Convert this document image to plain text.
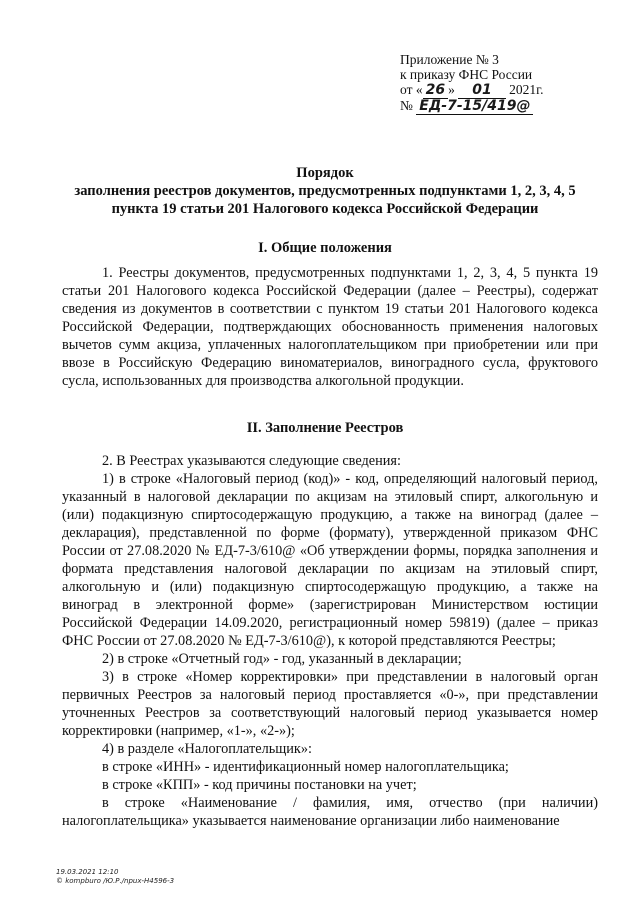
Приложение № 3
к приказу ФНС России
от « 26 » 01 2021г.
№ ЕД-7-15/419@
Порядок
заполнения реестров документов, предусмотренных подпунктами 1, 2, 3, 4, 5
пункта 19 статьи 201 Налогового кодекса Российской Федерации
I. Общие положения

1. Реестры документов, предусмотренных подпунктами 1, 2, 3, 4, 5 пункта 19 статьи 201 Налогового кодекса Российской Федерации (далее – Реестры), содержат сведения из документов в соответствии с пунктом 19 статьи 201 Налогового кодекса Российской Федерации, подтверждающих обоснованность применения налоговых вычетов сумм акциза, уплаченных налогоплательщиком при приобретении или при ввозе в Российскую Федерацию виноматериалов, виноградного сусла, фруктового сусла, использованных для производства алкогольной продукции.

II. Заполнение Реестров

2. В Реестрах указываются следующие сведения:

1) в строке «Налоговый период (код)» - код, определяющий налоговый период, указанный в налоговой декларации по акцизам на этиловый спирт, алкогольную и (или) подакцизную спиртосодержащую продукцию, а также на виноград (далее – декларация), представленной по форме (формату), утвержденной приказом ФНС России от 27.08.2020 № ЕД-7-3/610@ «Об утверждении формы, порядка заполнения и формата представления налоговой декларации по акцизам на этиловый спирт, алкогольную и (или) подакцизную спиртосодержащую продукцию, а также на виноград в электронной форме» (зарегистрирован Министерством юстиции Российской Федерации 14.09.2020, регистрационный номер 59819) (далее – приказ ФНС России от 27.08.2020 № ЕД-7-3/610@), к которой представляются Реестры;

2) в строке «Отчетный год» - год, указанный в декларации;

3) в строке «Номер корректировки» при представлении в налоговый орган первичных Реестров за налоговый период проставляется «0-», при представлении уточненных Реестров за соответствующий налоговый период указывается номер корректировки (например, «1-», «2-»);

4) в разделе «Налогоплательщик»:

в строке «ИНН» - идентификационный номер налогоплательщика;

в строке «КПП» - код причины постановки на учет;

в строке «Наименование / фамилия, имя, отчество (при наличии) налогоплательщика» указывается наименование организации либо наименование

19.03.2021 12:10
© kompburo /Ю.Р./npux-H4596-3
